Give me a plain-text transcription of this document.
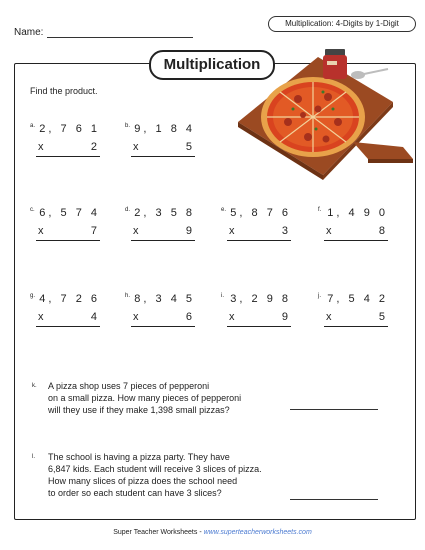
Name:
Multiplication: 4-Digits by 1-Digit
Multiplication
Find the product.
a. 2, 7 6 1
x	2
b. 9, 1 8 4
x	5
c. 6, 5 7 4
x	7
d. 2, 3 5 8
x	9
e. 5, 8 7 6
x	3
f. 1, 4 9 0
x	8
g. 4, 7 2 6
x	4
h. 8, 3 4 5
x	6
i. 3, 2 9 8
x	9
j. 7, 5 4 2
x	5
k. A pizza shop uses 7 pieces of pepperoni
on a small pizza. How many pieces of pepperoni
will they use if they make 1,398 small pizzas?
l. The school is having a pizza party. They have
6,847 kids. Each student will receive 3 slices of pizza.
How many slices of pizza does the school need
to order so each student can have 3 slices?
Super Teacher Worksheets - www.superteacherworksheets.com
